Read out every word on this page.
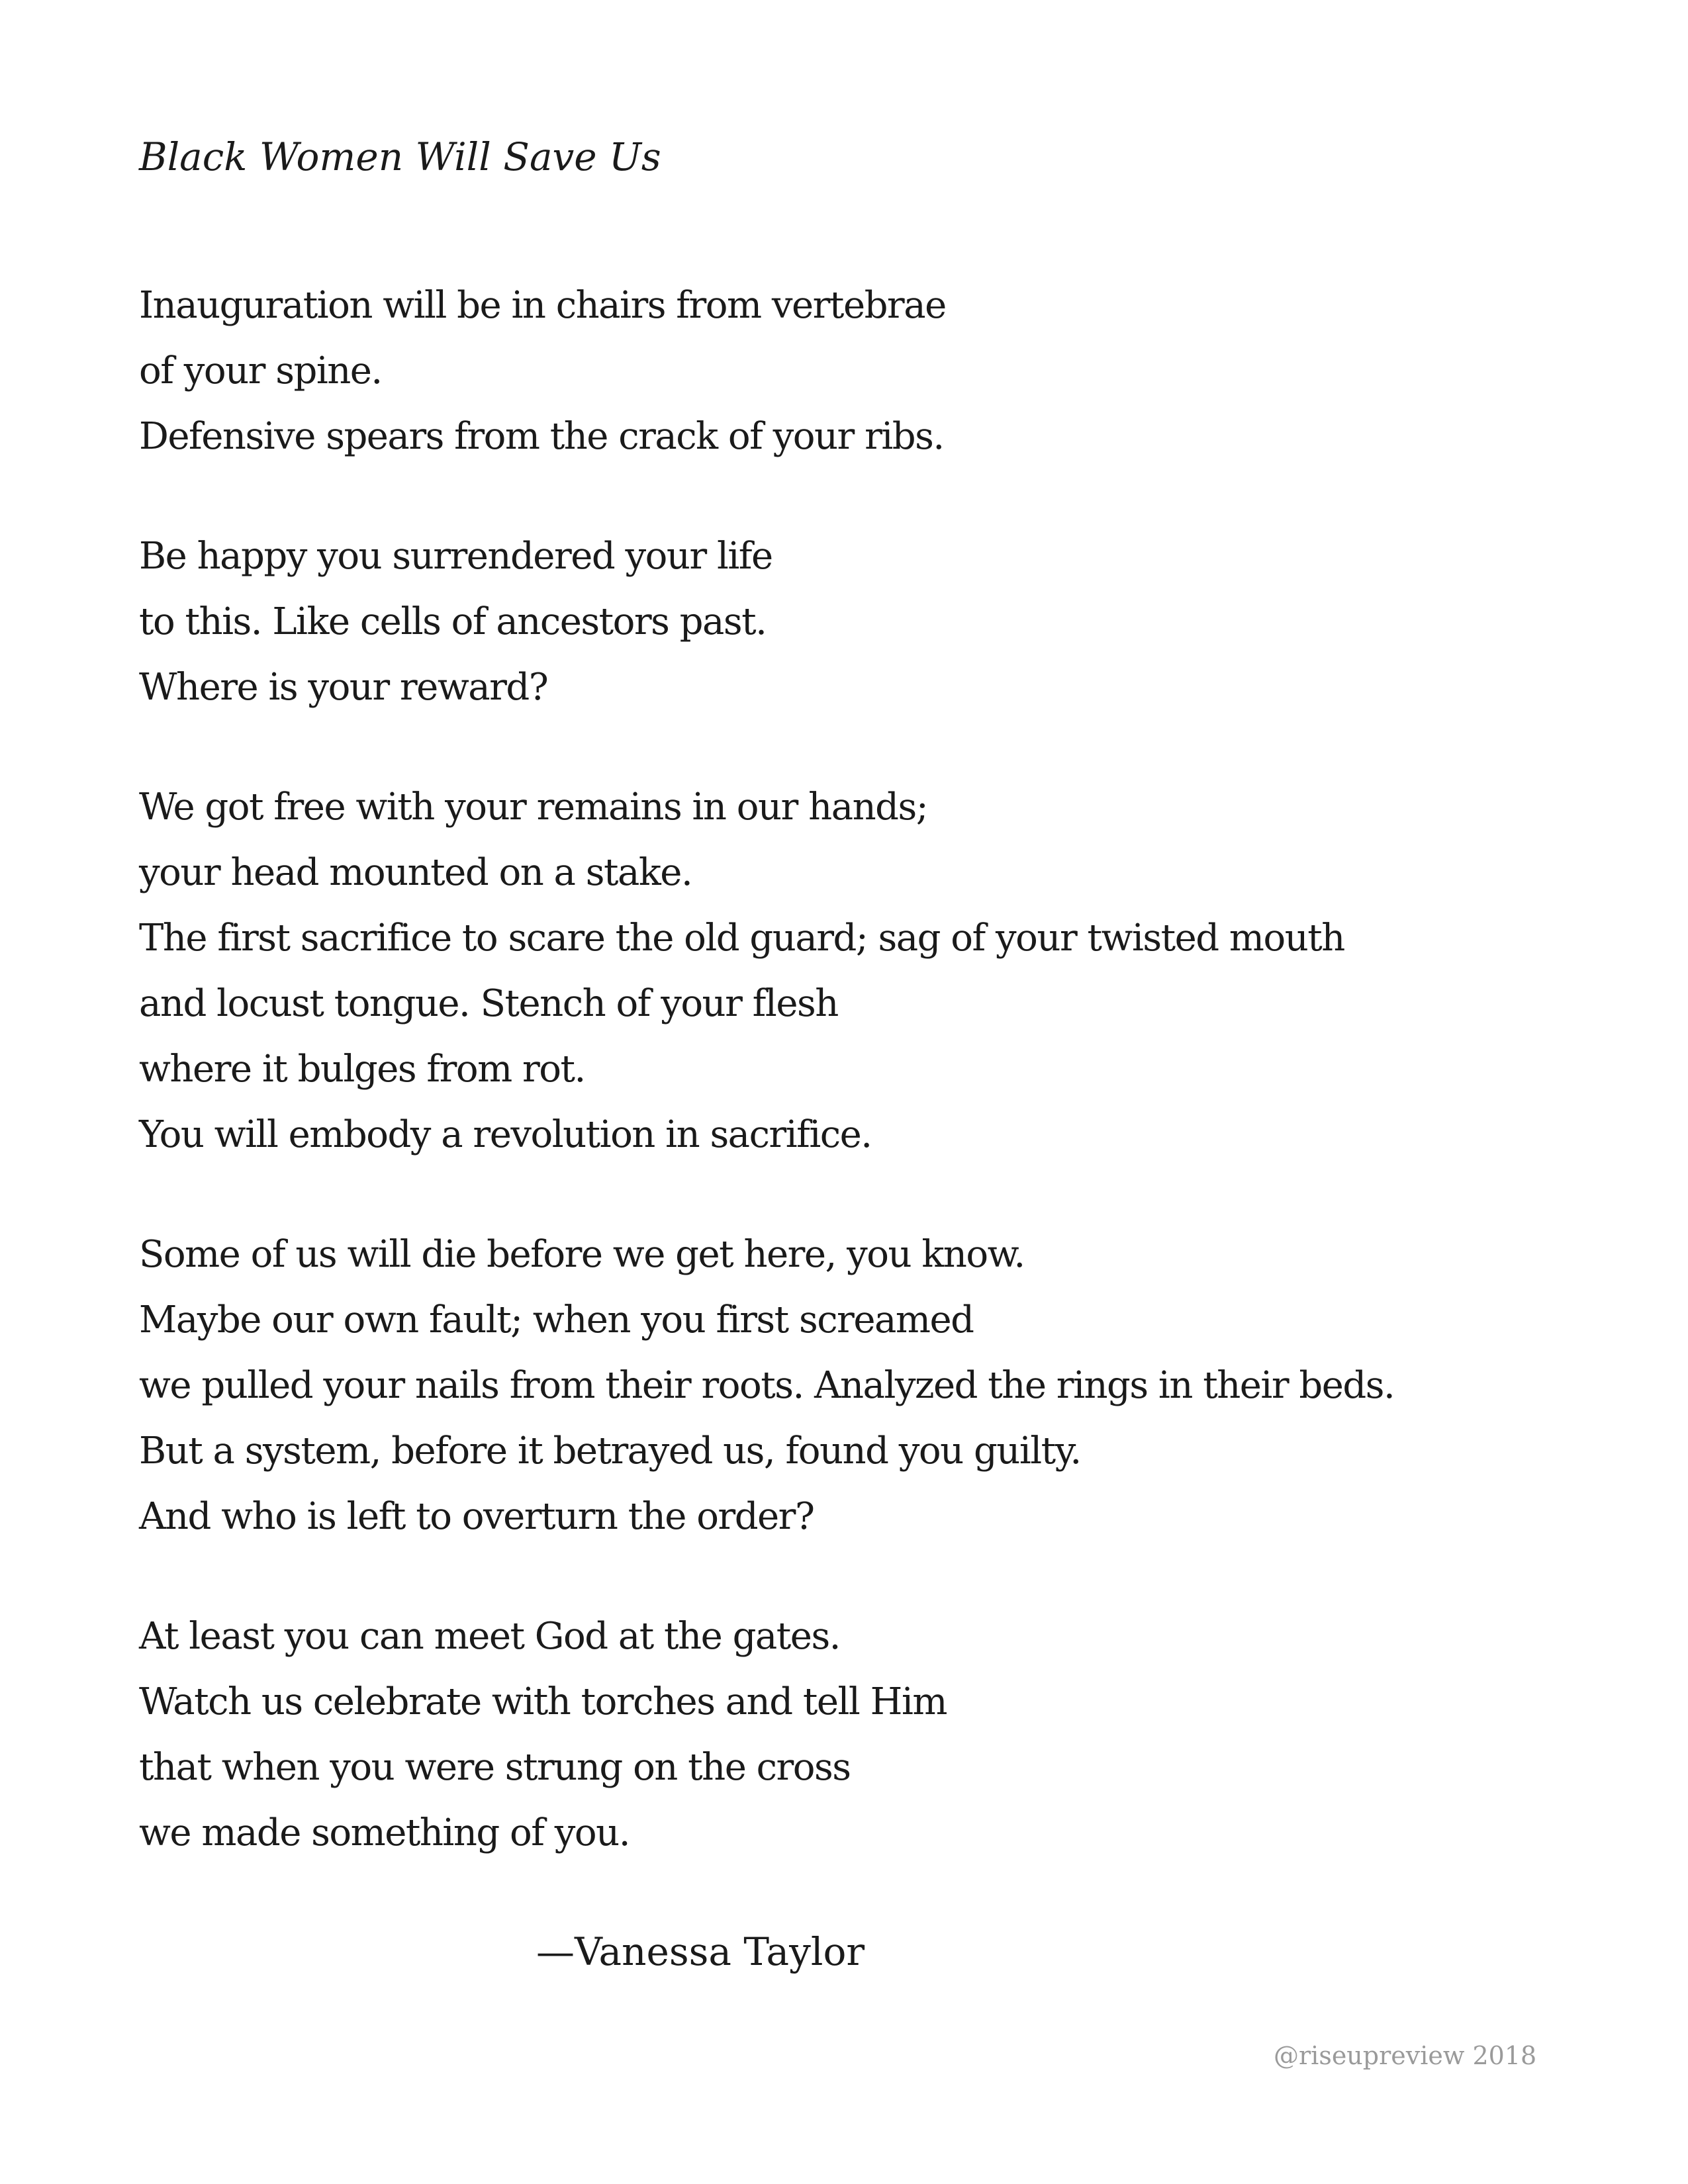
Black Women Will Save Us
Inauguration will be in chairs from vertebrae
of your spine.
Defensive spears from the crack of your ribs.
Be happy you surrendered your life
to this. Like cells of ancestors past.
Where is your reward?
We got free with your remains in our hands;
your head mounted on a stake.
The first sacrifice to scare the old guard; sag of your twisted mouth
and locust tongue. Stench of your flesh
where it bulges from rot.
You will embody a revolution in sacrifice.
Some of us will die before we get here, you know.
Maybe our own fault; when you first screamed
we pulled your nails from their roots. Analyzed the rings in their beds.
But a system, before it betrayed us, found you guilty.
And who is left to overturn the order?
At least you can meet God at the gates.
Watch us celebrate with torches and tell Him
that when you were strung on the cross
we made something of you.
—Vanessa Taylor
@riseupreview 2018
